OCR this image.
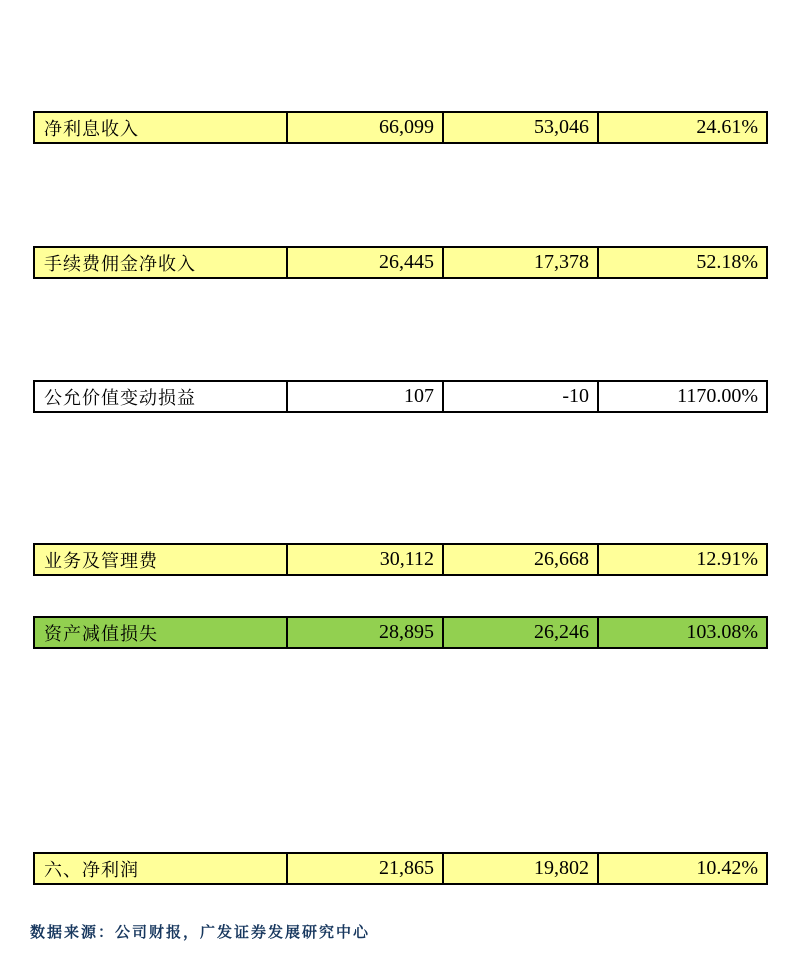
净利息收入	66,099	53,046	24.61%
手续费佣金净收入	26,445	17,378	52.18%
公允价值变动损益	107	-10	1170.00%
业务及管理费	30,112	26,668	12.91%
资产减值损失	28,895	26,246	103.08%
六、净利润	21,865	19,802	10.42%
数据来源：公司财报，广发证券发展研究中心
